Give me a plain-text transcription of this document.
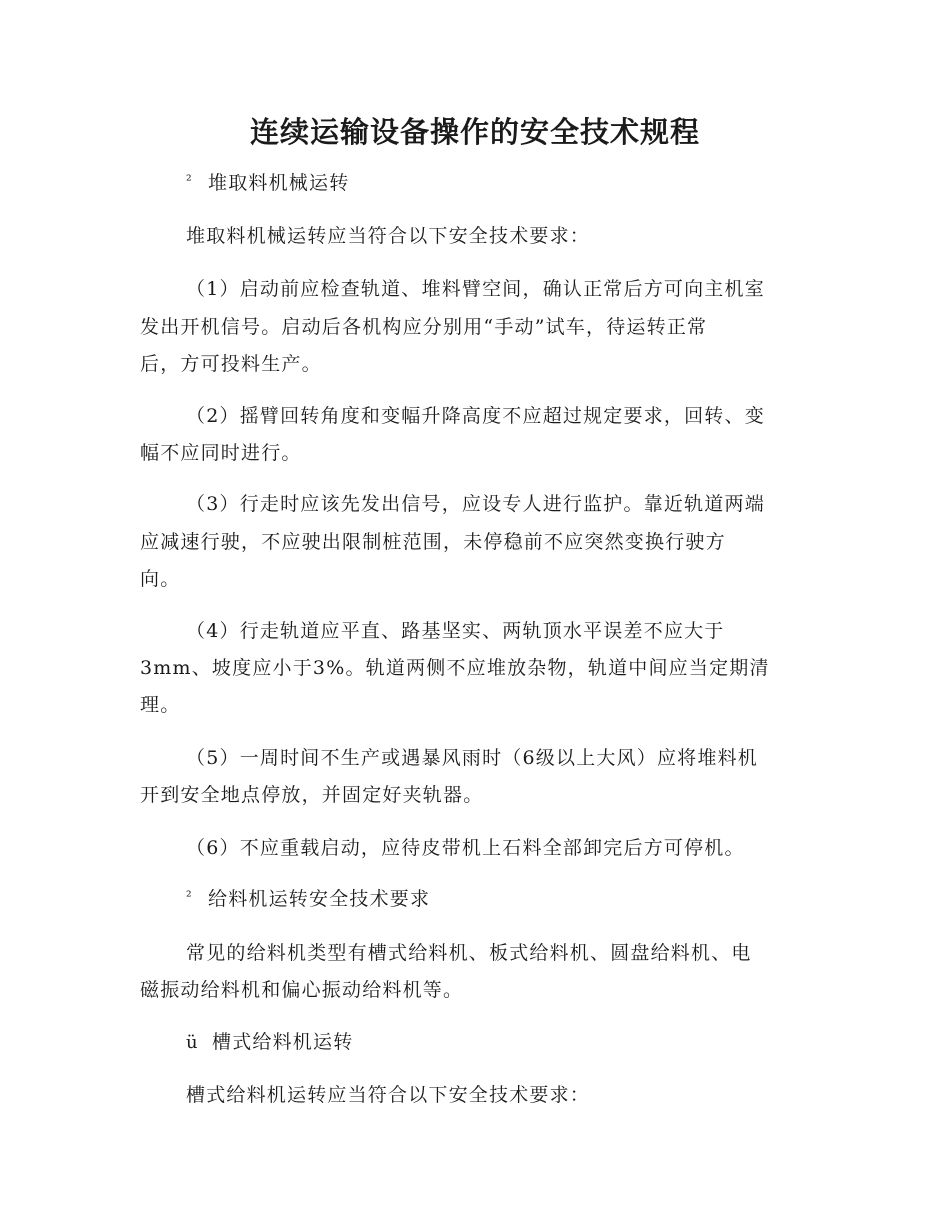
连续运输设备操作的安全技术规程
² 堆取料机械运转
堆取料机械运转应当符合以下安全技术要求：
（1）启动前应检查轨道、堆料臂空间，确认正常后方可向主机室
发出开机信号。启动后各机构应分别用“手动”试车，待运转正常
后，方可投料生产。
（2）摇臂回转角度和变幅升降高度不应超过规定要求，回转、变
幅不应同时进行。
（3）行走时应该先发出信号，应设专人进行监护。靠近轨道两端
应减速行驶，不应驶出限制桩范围，未停稳前不应突然变换行驶方
向。
（4）行走轨道应平直、路基坚实、两轨顶水平误差不应大于
3mm、坡度应小于3%。轨道两侧不应堆放杂物，轨道中间应当定期清
理。
（5）一周时间不生产或遇暴风雨时（6级以上大风）应将堆料机
开到安全地点停放，并固定好夹轨器。
（6）不应重载启动，应待皮带机上石料全部卸完后方可停机。
² 给料机运转安全技术要求
常见的给料机类型有槽式给料机、板式给料机、圆盘给料机、电
磁振动给料机和偏心振动给料机等。
ü 槽式给料机运转
槽式给料机运转应当符合以下安全技术要求：
